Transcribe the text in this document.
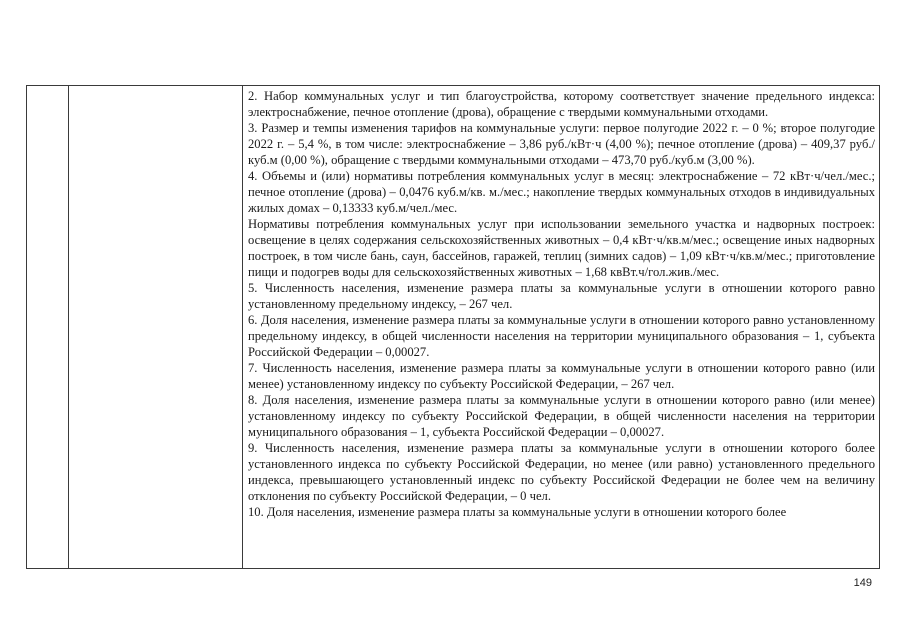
2. Набор коммунальных услуг и тип благоустройства, которому соответствует значение предельного индекса: электроснабжение, печное отопление (дрова), обращение с твердыми коммунальными отходами.

3. Размер и темпы изменения тарифов на коммунальные услуги: первое полугодие 2022 г. – 0 %; второе полугодие 2022 г. – 5,4 %, в том числе: электроснабжение – 3,86 руб./кВт·ч (4,00 %); печное отопление (дрова) – 409,37 руб./куб.м (0,00 %), обращение с твердыми коммунальными отходами – 473,70 руб./куб.м (3,00 %).

4. Объемы и (или) нормативы потребления коммунальных услуг в месяц: электроснабжение – 72 кВт·ч/чел./мес.; печное отопление (дрова) – 0,0476 куб.м/кв. м./мес.; накопление твердых коммунальных отходов в индивидуальных жилых домах – 0,13333 куб.м/чел./мес.

Нормативы потребления коммунальных услуг при использовании земельного участка и надворных построек: освещение в целях содержания сельскохозяйственных животных – 0,4 кВт·ч/кв.м/мес.; освещение иных надворных построек, в том числе бань, саун, бассейнов, гаражей, теплиц (зимних садов) – 1,09 кВт·ч/кв.м/мес.; приготовление пищи и подогрев воды для сельскохозяйственных животных – 1,68 квВт.ч/гол.жив./мес.

5. Численность населения, изменение размера платы за коммунальные услуги в отношении которого равно установленному предельному индексу, – 267 чел.

6. Доля населения, изменение размера платы за коммунальные услуги в отношении которого равно установленному предельному индексу, в общей численности населения на территории муниципального образования – 1, субъекта Российской Федерации – 0,00027.

7. Численность населения, изменение размера платы за коммунальные услуги в отношении которого равно (или менее) установленному индексу по субъекту Российской Федерации, – 267 чел.

8. Доля населения, изменение размера платы за коммунальные услуги в отношении которого равно (или менее) установленному индексу по субъекту Российской Федерации, в общей численности населения на территории муниципального образования – 1, субъекта Российской Федерации – 0,00027.

9. Численность населения, изменение размера платы за коммунальные услуги в отношении которого более установленного индекса по субъекту Российской Федерации, но менее (или равно) установленного предельного индекса, превышающего установленный индекс по субъекту Российской Федерации не более чем на величину отклонения по субъекту Российской Федерации, – 0 чел.

10. Доля населения, изменение размера платы за коммунальные услуги в отношении которого более

149
